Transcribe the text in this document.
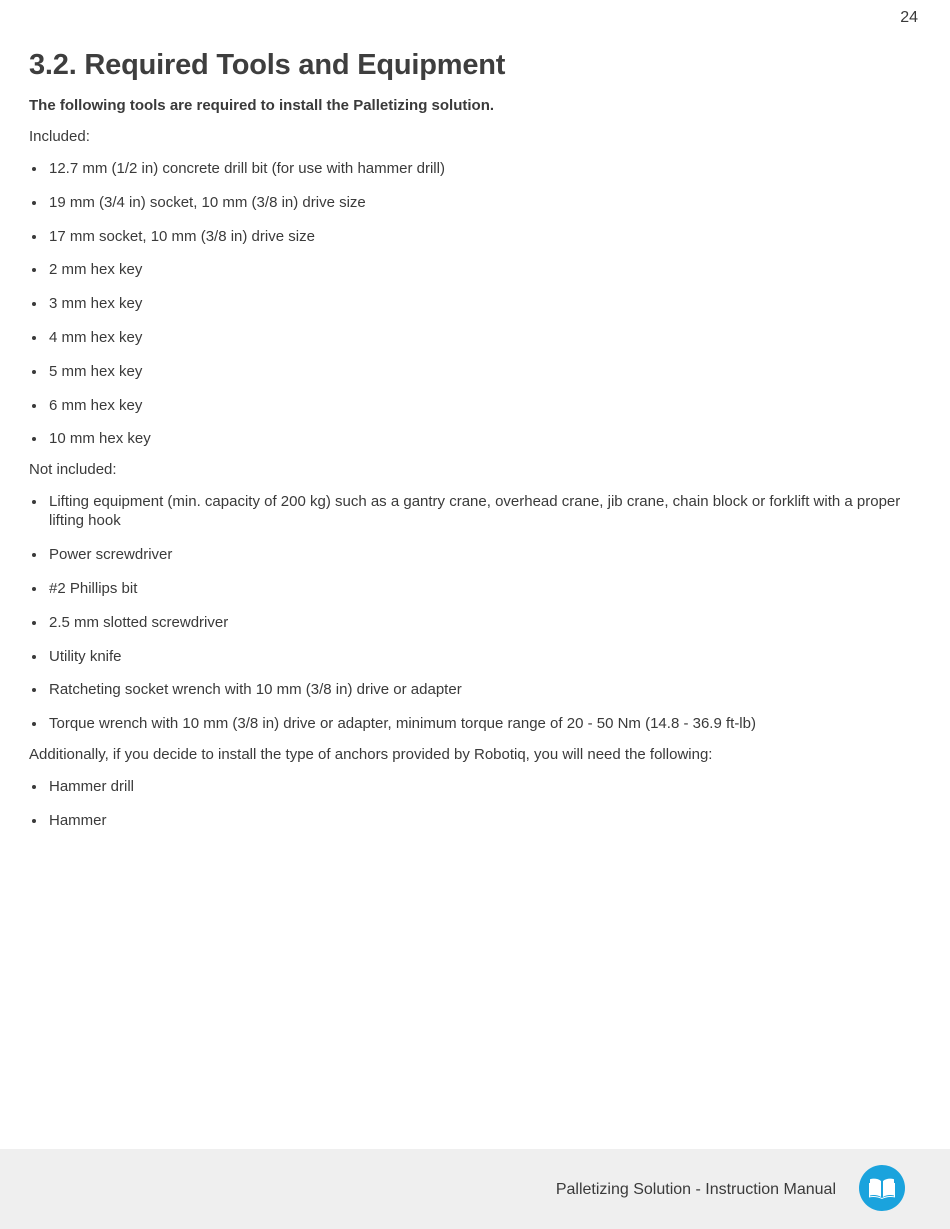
24
3.2. Required Tools and Equipment

The following tools are required to install the Palletizing solution.

Included:
12.7 mm (1/2 in) concrete drill bit (for use with hammer drill)
19 mm (3/4 in) socket, 10 mm (3/8 in) drive size
17 mm socket, 10 mm (3/8 in) drive size
2 mm hex key
3 mm hex key
4 mm hex key
5 mm hex key
6 mm hex key
10 mm hex key
Not included:
Lifting equipment (min. capacity of 200 kg) such as a gantry crane, overhead crane, jib crane, chain block or forklift with a proper lifting hook
Power screwdriver
#2 Phillips bit
2.5 mm slotted screwdriver
Utility knife
Ratcheting socket wrench with 10 mm (3/8 in) drive or adapter
Torque wrench with 10 mm (3/8 in) drive or adapter, minimum torque range of 20 - 50 Nm (14.8 - 36.9 ft-lb)
Additionally, if you decide to install the type of anchors provided by Robotiq, you will need the following:
Hammer drill
Hammer
Palletizing Solution - Instruction Manual
